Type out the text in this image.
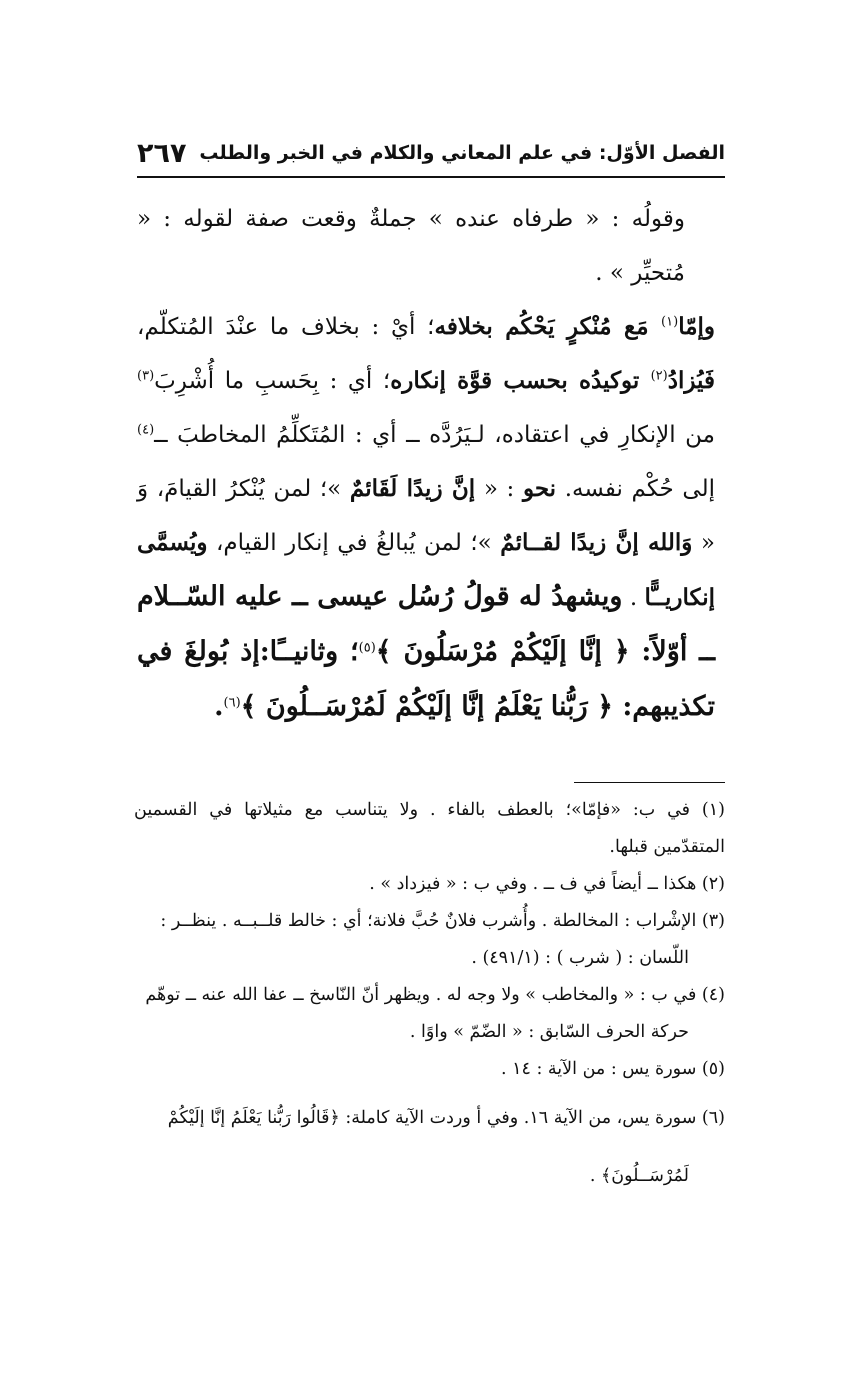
الفصل الأوّل: في علم المعاني والكلام في الخبر والطلب
٢٦٧

وقولُه : « طرفاه عنده » جملةٌ وقعت صفة لقوله : « مُتحيِّر » .

وإمّا$^{(١)}$ مَع مُنْكرٍ يَحْكُم بخلافه؛ أيْ : بخلاف ما عنْدَ المُتكلّم، فَيُزادُ$^{(٢)}$ توكيدُه بحسب قوَّة إنكاره؛ أي : بِحَسبِ ما أُشْرِبَ$^{(٣)}$ من الإنكارِ في اعتقاده، لـيَرُدَّه ــ أي : المُتَكلِّمُ المخاطبَ ــ$^{(٤)}$ إلى حُكْم نفسه. نحو : « إنَّ زيدًا لَقَائمٌ »؛ لمن يُنْكرُ القيامَ، وَ « وَالله إنَّ زيدًا لقــائمٌ »؛ لمن يُبالغُ في إنكار القيام، ويُسمَّى إنكاريــًّا . ويشهدُ له قولُ رُسُل عيسى ــ عليه السّــلام ــ أوّلاً: ﴿ إنَّا إلَيْكُمْ مُرْسَلُونَ ﴾$^{(٥)}$؛ وثانيــًا:إذ بُولغَ في تكذيبهم: ﴿ رَبُّنا يَعْلَمُ إنَّا إلَيْكُمْ لَمُرْسَــلُونَ ﴾$^{(٦)}$.

(١) في ب: «فإمّا»؛ بالعطف بالفاء . ولا يتناسب مع مثيلاتها في القسمين المتقدّمين قبلها.

(٢) هكذا ــ أيضاً في ف ــ . وفي ب : « فيزداد » .

(٣) الإشْراب : المخالطة . وأُشرب فلانٌ حُبَّ فلانة؛ أي : خالط قلــبــه . ينظــر :

اللّسان : ( شرب ) : (٤٩١/١) .

(٤) في ب : « والمخاطب » ولا وجه له . ويظهر أنّ النّاسخ ــ عفا الله عنه ــ توهّم

حركة الحرف السّابق : « الضّمّ » واوًا .

(٥) سورة يس : من الآية : ١٤ .

(٦) سورة يس، من الآية ١٦. وفي أ وردت الآية كاملة: ﴿قَالُوا رَبُّنا يَعْلَمُ إنَّا إلَيْكُمْ

لَمُرْسَــلُونَ﴾ .
